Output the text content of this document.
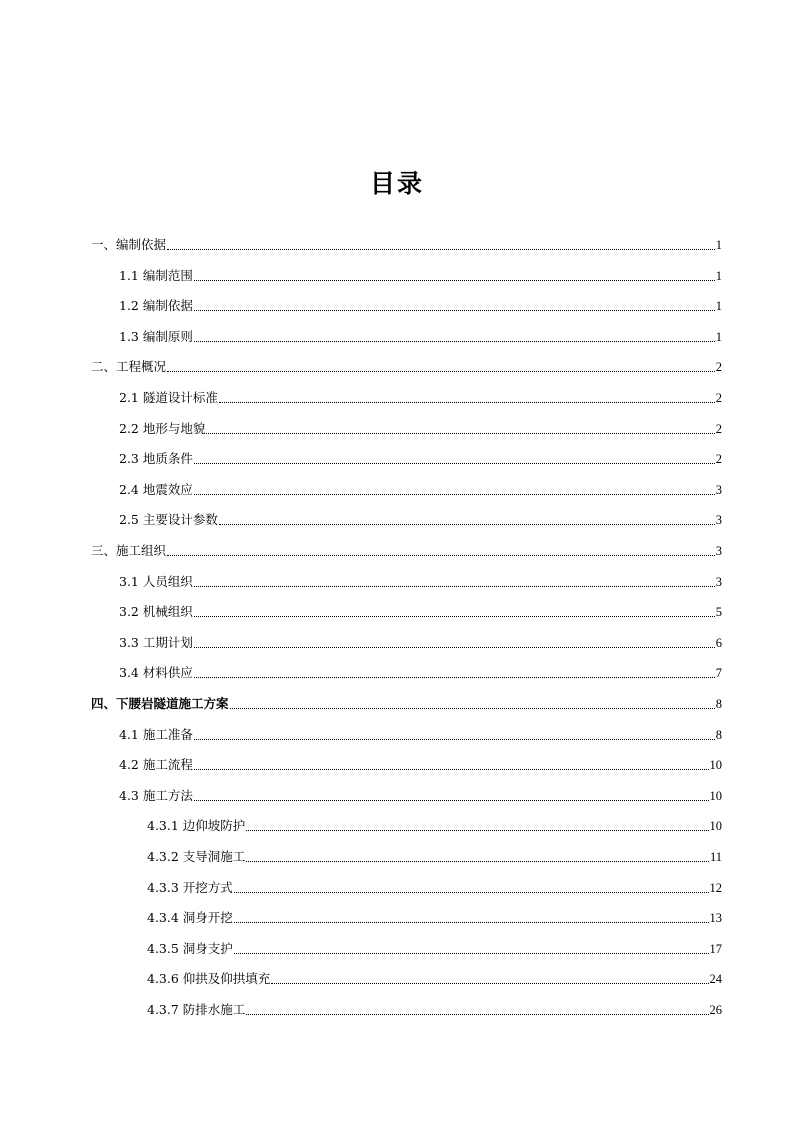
目录
一、编制依据	1
1.1 编制范围	1
1.2 编制依据	1
1.3 编制原则	1
二、工程概况	2
2.1 隧道设计标准	2
2.2 地形与地貌	2
2.3 地质条件	2
2.4 地震效应	3
2.5 主要设计参数	3
三、施工组织	3
3.1 人员组织	3
3.2 机械组织	5
3.3 工期计划	6
3.4 材料供应	7
四、下腰岩隧道施工方案	8
4.1 施工准备	8
4.2 施工流程	10
4.3 施工方法	10
4.3.1 边仰坡防护	10
4.3.2 支导洞施工	11
4.3.3 开挖方式	12
4.3.4 洞身开挖	13
4.3.5 洞身支护	17
4.3.6 仰拱及仰拱填充	24
4.3.7 防排水施工	26
